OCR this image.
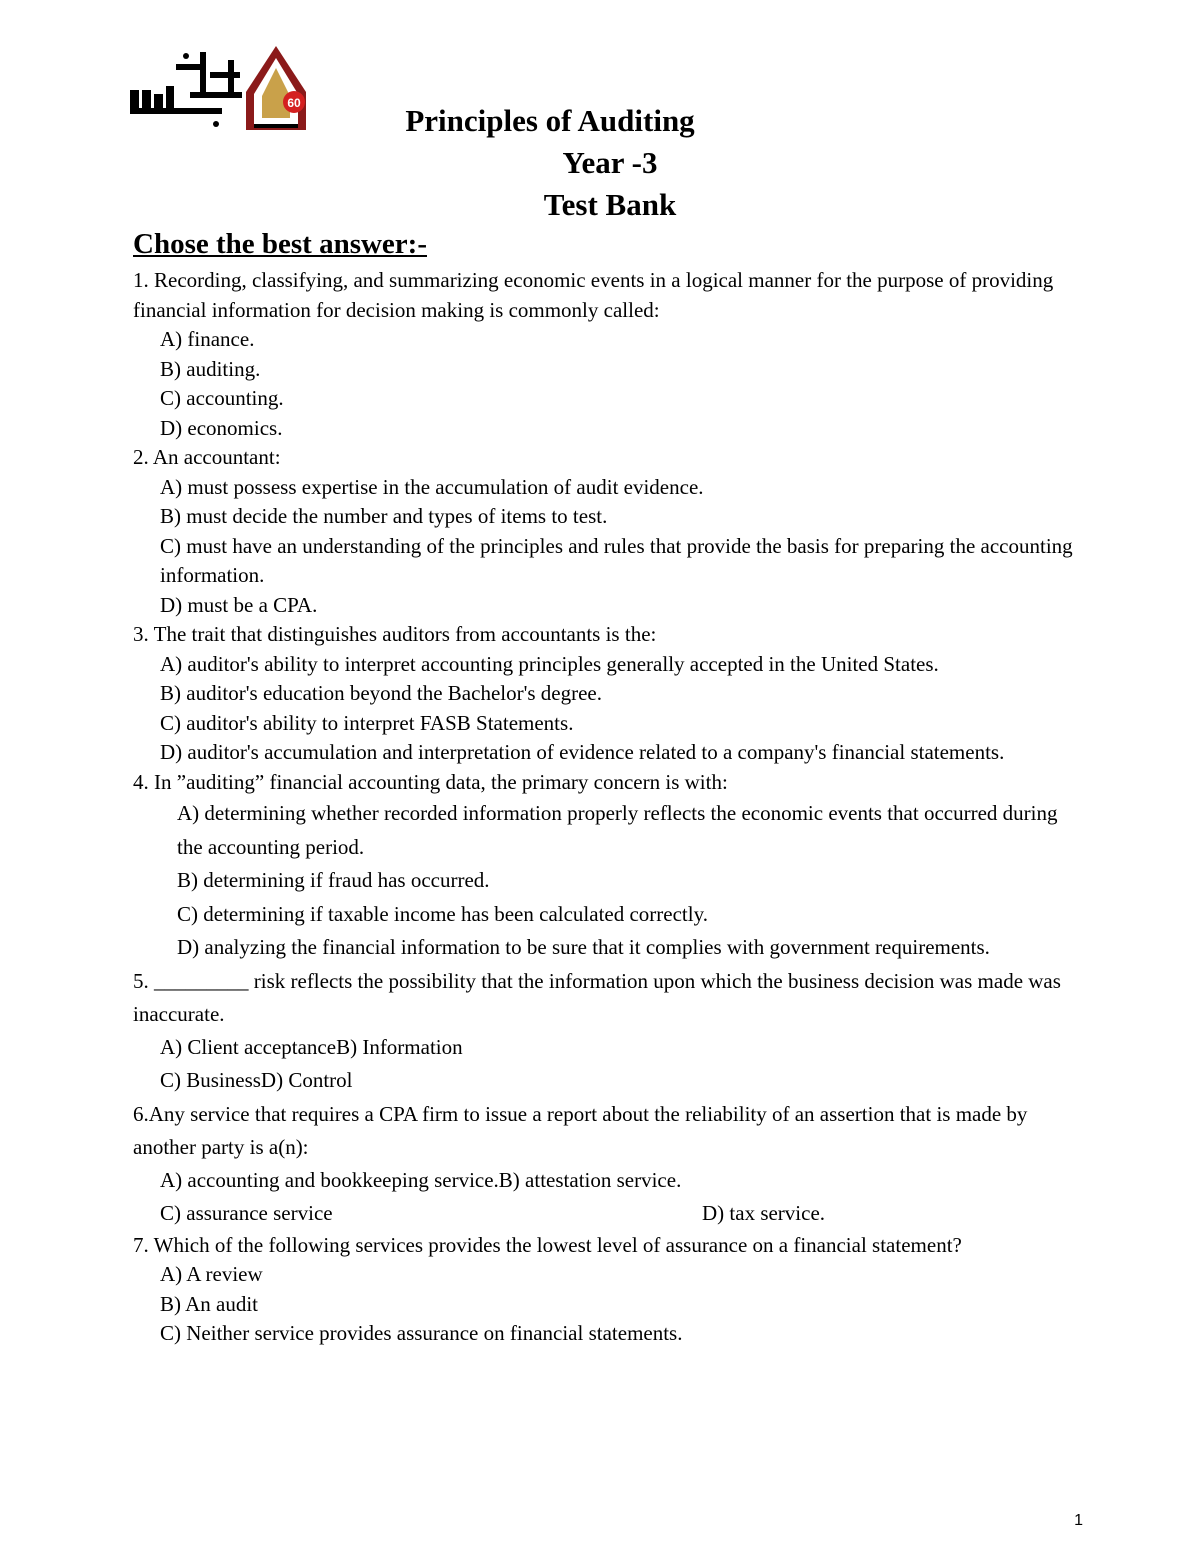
60	Principles of Auditing
Year -3
Test Bank
Chose the best answer:-

1. Recording, classifying, and summarizing economic events in a logical manner for the purpose of providing financial information for decision making is commonly called:

A) finance.

B) auditing.

C) accounting.

D) economics.

2. An accountant:

A) must possess expertise in the accumulation of audit evidence.

B) must decide the number and types of items to test.

C) must have an understanding of the principles and rules that provide the basis for preparing the accounting information.

D) must be a CPA.

3. The trait that distinguishes auditors from accountants is the:

A) auditor's ability to interpret accounting principles generally accepted in the United States.

B) auditor's education beyond the Bachelor's degree.

C) auditor's ability to interpret FASB Statements.

D) auditor's accumulation and interpretation of evidence related to a company's financial statements.

4. In ”auditing” financial accounting data, the primary concern is with:

A) determining whether recorded information properly reflects the economic events that occurred during the accounting period.

B) determining if fraud has occurred.

C) determining if taxable income has been calculated correctly.

D) analyzing the financial information to be sure that it complies with government requirements.

5. _________ risk reflects the possibility that the information upon which the business decision was made was inaccurate.

A) Client acceptanceB) Information

C) BusinessD) Control

6.Any service that requires a CPA firm to issue a report about the reliability of an assertion that is made by another party is a(n):

A) accounting and bookkeeping service.B) attestation service.

C) assurance service	D) tax service.

7. Which of the following services provides the lowest level of assurance on a financial statement?

A) A review

B) An audit

C) Neither service provides assurance on financial statements.

1
